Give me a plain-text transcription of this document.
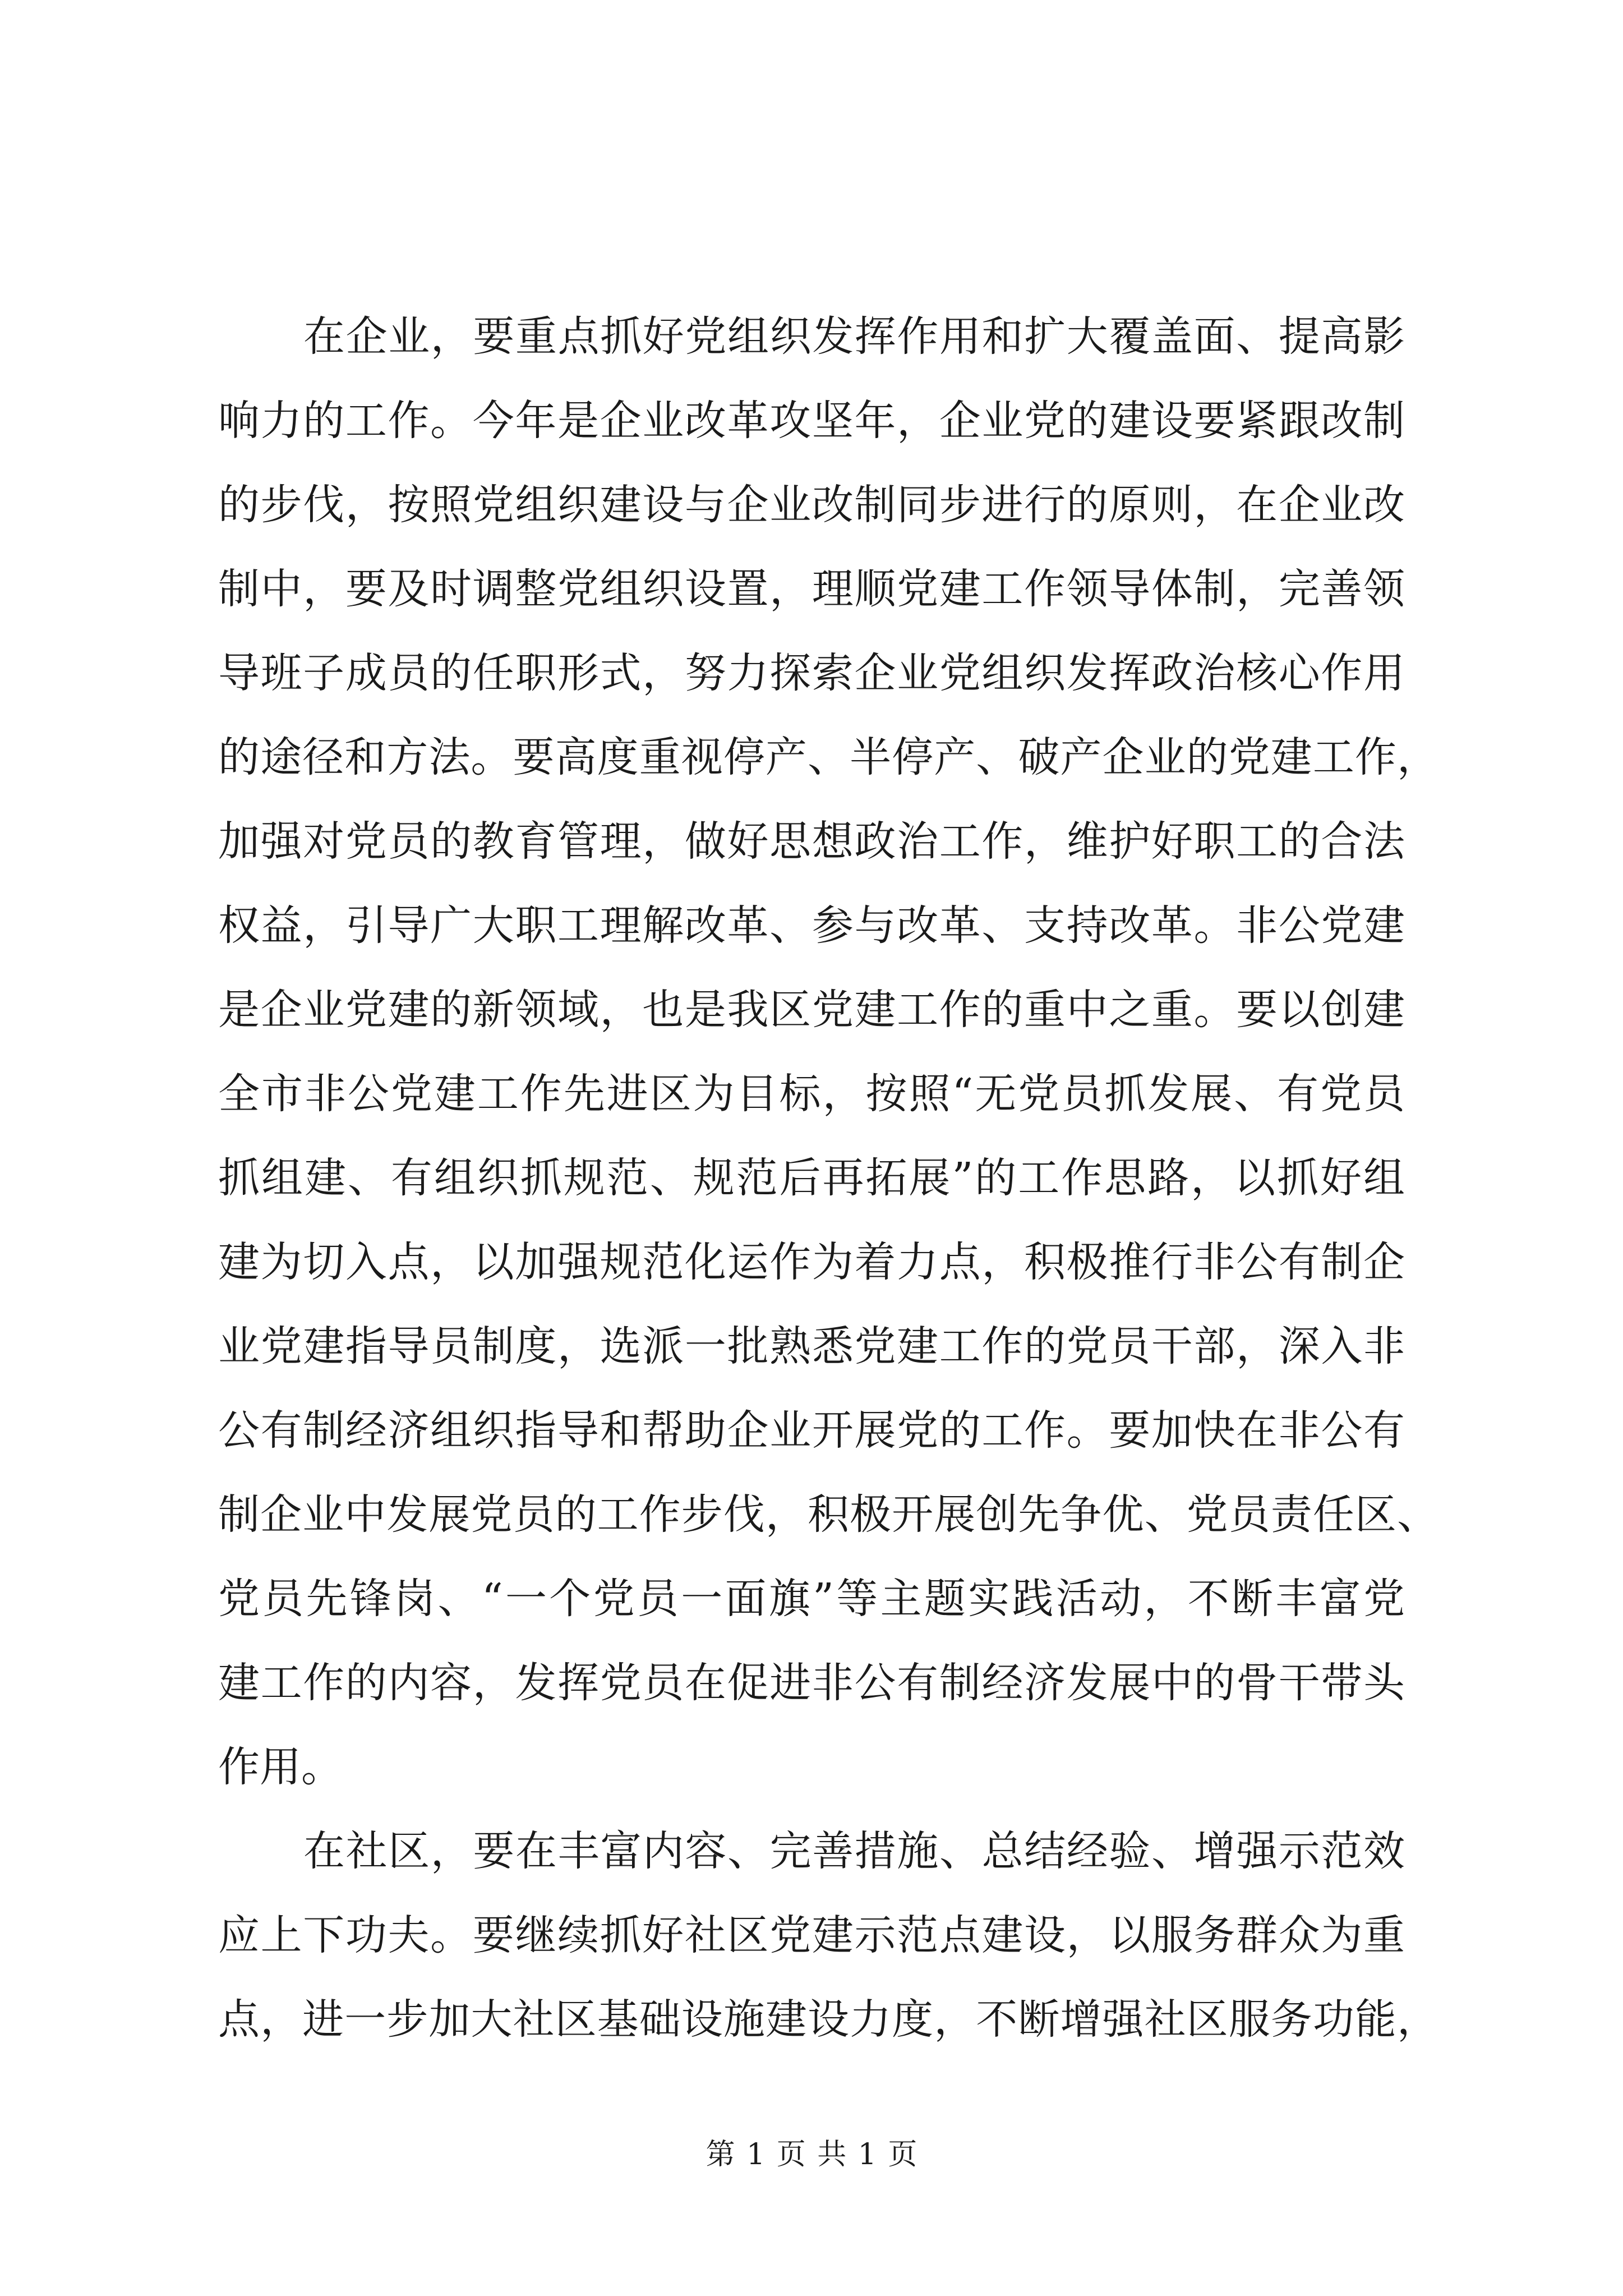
在企业，要重点抓好党组织发挥作用和扩大覆盖面、提高影
响力的工作。今年是企业改革攻坚年，企业党的建设要紧跟改制
的步伐，按照党组织建设与企业改制同步进行的原则，在企业改
制中，要及时调整党组织设置，理顺党建工作领导体制，完善领
导班子成员的任职形式，努力探索企业党组织发挥政治核心作用
的途径和方法。要高度重视停产、半停产、破产企业的党建工作，
加强对党员的教育管理，做好思想政治工作，维护好职工的合法
权益，引导广大职工理解改革、参与改革、支持改革。非公党建
是企业党建的新领域，也是我区党建工作的重中之重。要以创建
全市非公党建工作先进区为目标，按照“无党员抓发展、有党员
抓组建、有组织抓规范、规范后再拓展”的工作思路，以抓好组
建为切入点，以加强规范化运作为着力点，积极推行非公有制企
业党建指导员制度，选派一批熟悉党建工作的党员干部，深入非
公有制经济组织指导和帮助企业开展党的工作。要加快在非公有
制企业中发展党员的工作步伐，积极开展创先争优、党员责任区、
党员先锋岗、“一个党员一面旗”等主题实践活动，不断丰富党
建工作的内容，发挥党员在促进非公有制经济发展中的骨干带头
作用。
在社区，要在丰富内容、完善措施、总结经验、增强示范效
应上下功夫。要继续抓好社区党建示范点建设，以服务群众为重
点，进一步加大社区基础设施建设力度，不断增强社区服务功能，
第 1 页 共 1 页
